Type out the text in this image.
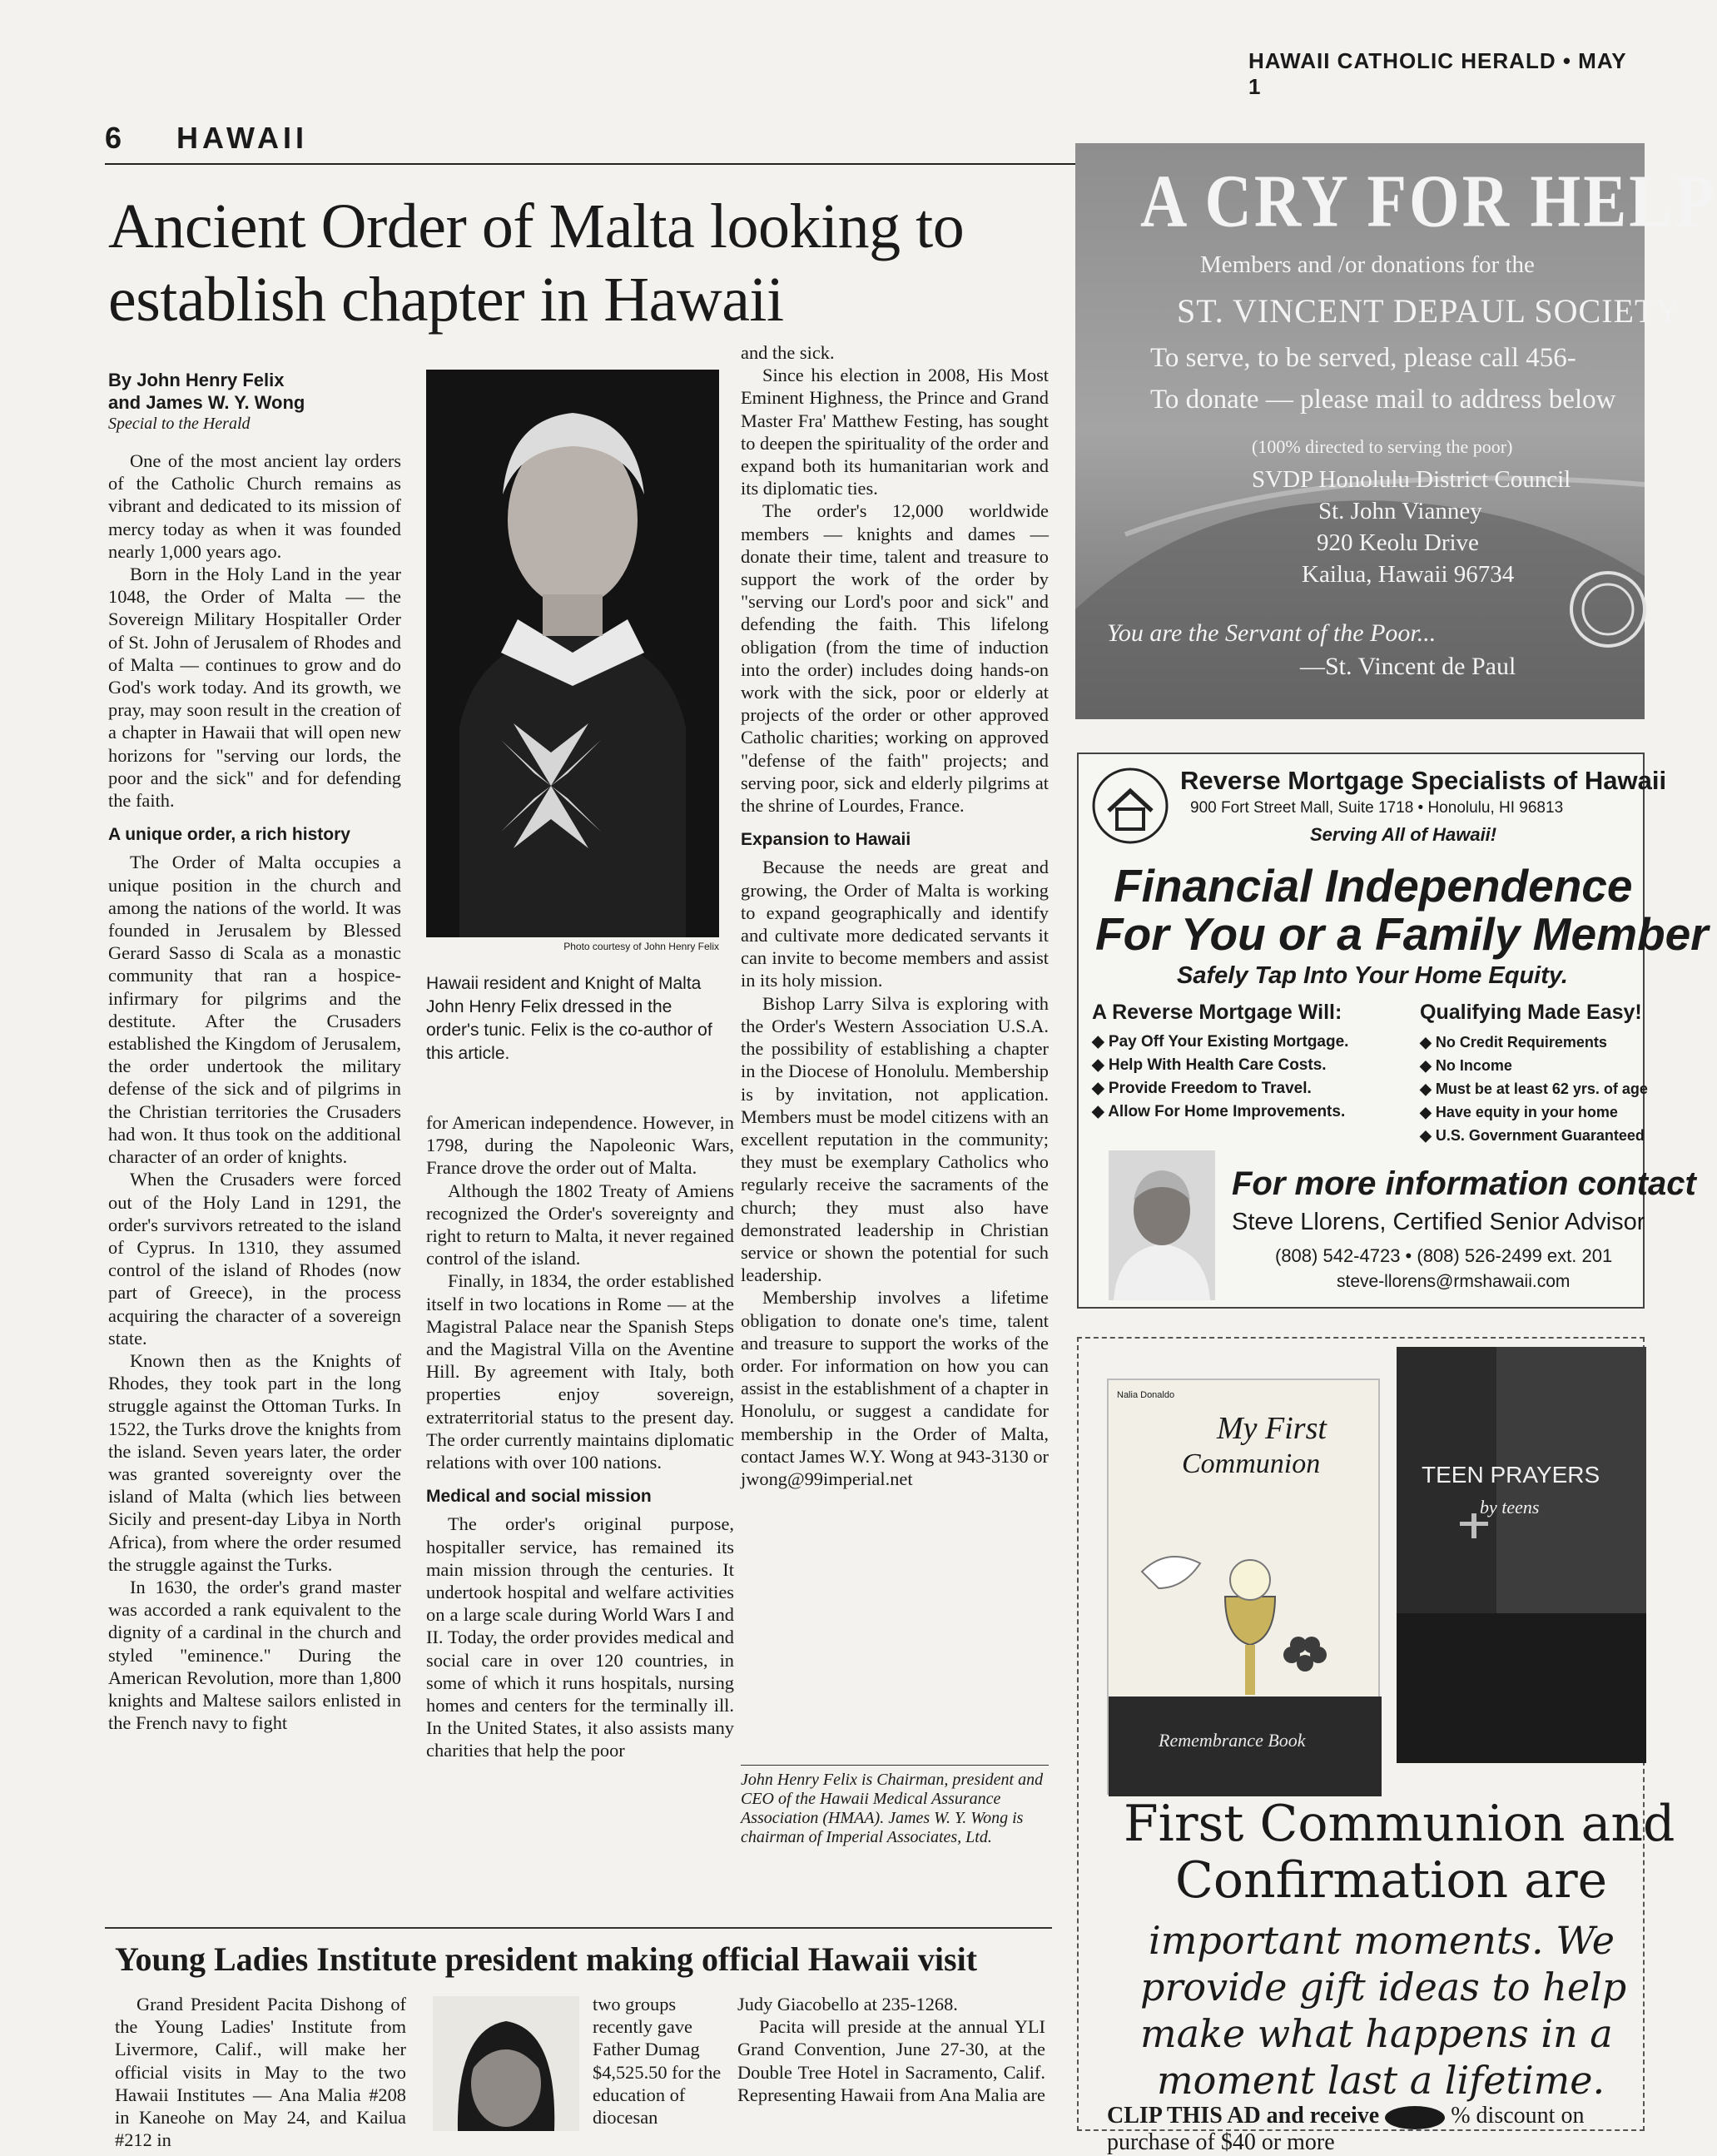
HAWAII CATHOLIC HERALD • MAY 1
6 HAWAII
Ancient Order of Malta looking to establish chapter in Hawaii
By John Henry Felix
and James W. Y. Wong
Special to the Herald

One of the most ancient lay orders of the Catholic Church remains as vibrant and dedicated to its mission of mercy today as when it was founded nearly 1,000 years ago.

Born in the Holy Land in the year 1048, the Order of Malta — the Sovereign Military Hospitaller Order of St. John of Jerusalem of Rhodes and of Malta — continues to grow and do God's work today. And its growth, we pray, may soon result in the creation of a chapter in Hawaii that will open new horizons for "serving our lords, the poor and the sick" and for defending the faith.

A unique order, a rich history

The Order of Malta occupies a unique position in the church and among the nations of the world. It was founded in Jerusalem by Blessed Gerard Sasso di Scala as a monastic community that ran a hospice-infirmary for pilgrims and the destitute. After the Crusaders established the Kingdom of Jerusalem, the order undertook the military defense of the sick and of pilgrims in the Christian territories the Crusaders had won. It thus took on the additional character of an order of knights.

When the Crusaders were forced out of the Holy Land in 1291, the order's survivors retreated to the island of Cyprus. In 1310, they assumed control of the island of Rhodes (now part of Greece), in the process acquiring the character of a sovereign state.

Known then as the Knights of Rhodes, they took part in the long struggle against the Ottoman Turks. In 1522, the Turks drove the knights from the island. Seven years later, the order was granted sovereignty over the island of Malta (which lies between Sicily and present-day Libya in North Africa), from where the order resumed the struggle against the Turks.

In 1630, the order's grand master was accorded a rank equivalent to the dignity of a cardinal in the church and styled "eminence." During the American Revolution, more than 1,800 knights and Maltese sailors enlisted in the French navy to fight

Photo courtesy of John Henry Felix
Hawaii resident and Knight of Malta John Henry Felix dressed in the order's tunic. Felix is the co-author of this article.

for American independence. However, in 1798, during the Napoleonic Wars, France drove the order out of Malta.

Although the 1802 Treaty of Amiens recognized the Order's sovereignty and right to return to Malta, it never regained control of the island.

Finally, in 1834, the order established itself in two locations in Rome — at the Magistral Palace near the Spanish Steps and the Magistral Villa on the Aventine Hill. By agreement with Italy, both properties enjoy sovereign, extraterritorial status to the present day. The order currently maintains diplomatic relations with over 100 nations.

Medical and social mission

The order's original purpose, hospitaller service, has remained its main mission through the centuries. It undertook hospital and welfare activities on a large scale during World Wars I and II. Today, the order provides medical and social care in over 120 countries, in some of which it runs hospitals, nursing homes and centers for the terminally ill. In the United States, it also assists many charities that help the poor

and the sick.

Since his election in 2008, His Most Eminent Highness, the Prince and Grand Master Fra' Matthew Festing, has sought to deepen the spirituality of the order and expand both its humanitarian work and its diplomatic ties.

The order's 12,000 worldwide members — knights and dames — donate their time, talent and treasure to support the work of the order by "serving our Lord's poor and sick" and defending the faith. This lifelong obligation (from the time of induction into the order) includes doing hands-on work with the sick, poor or elderly at projects of the order or other approved Catholic charities; working on approved "defense of the faith" projects; and serving poor, sick and elderly pilgrims at the shrine of Lourdes, France.

Expansion to Hawaii

Because the needs are great and growing, the Order of Malta is working to expand geographically and identify and cultivate more dedicated servants it can invite to become members and assist in its holy mission.

Bishop Larry Silva is exploring with the Order's Western Association U.S.A. the possibility of establishing a chapter in the Diocese of Honolulu. Membership is by invitation, not application. Members must be model citizens with an excellent reputation in the community; they must be exemplary Catholics who regularly receive the sacraments of the church; they must also have demonstrated leadership in Christian service or shown the potential for such leadership.

Membership involves a lifetime obligation to donate one's time, talent and treasure to support the works of the order. For information on how you can assist in the establishment of a chapter in Honolulu, or suggest a candidate for membership in the Order of Malta, contact James W.Y. Wong at 943-3130 or jwong@99imperial.net

John Henry Felix is Chairman, president and CEO of the Hawaii Medical Assurance Association (HMAA). James W. Y. Wong is chairman of Imperial Associates, Ltd.
Young Ladies Institute president making official Hawaii visit

Grand President Pacita Dishong of the Young Ladies' Institute from Livermore, Calif., will make her official visits in May to the two Hawaii Institutes — Ana Malia #208 in Kaneohe on May 24, and Kailua #212 in

two groups recently gave Father Dumag $4,525.50 for the education of diocesan

Judy Giacobello at 235-1268.

Pacita will preside at the annual YLI Grand Convention, June 27-30, at the Double Tree Hotel in Sacramento, Calif. Representing Hawaii from Ana Malia are

A CRY FOR HELP
Members and /or donations for the
ST. VINCENT DEPAUL SOCIETY
To serve, to be served, please call 456-
To donate — please mail to address below
(100% directed to serving the poor)
SVDP Honolulu District Council
St. John Vianney
920 Keolu Drive
Kailua, Hawaii 96734
You are the Servant of the Poor...
—St. Vincent de Paul
Reverse Mortgage Specialists of Hawaii
900 Fort Street Mall, Suite 1718 • Honolulu, HI 96813
Serving All of Hawaii!
Financial Independence
For You or a Family Member
Safely Tap Into Your Home Equity.
A Reverse Mortgage Will:
◆ Pay Off Your Existing Mortgage.
◆ Help With Health Care Costs.
◆ Provide Freedom to Travel.
◆ Allow For Home Improvements.
Qualifying Made Easy!
◆ No Credit Requirements
◆ No Income
◆ Must be at least 62 yrs. of age
◆ Have equity in your home
◆ U.S. Government Guaranteed
For more information contact
Steve Llorens, Certified Senior Advisor
(808) 542-4723 • (808) 526-2499 ext. 201
steve-llorens@rmshawaii.com
Nalia Donaldo
My First
Communion
Remembrance Book
TEEN PRAYERS
by teens
First Communion and
Confirmation are
important moments. We
provide gift ideas to help
make what happens in a
moment last a lifetime.
CLIP THIS AD and receive	% discount on
purchase of $40 or more
